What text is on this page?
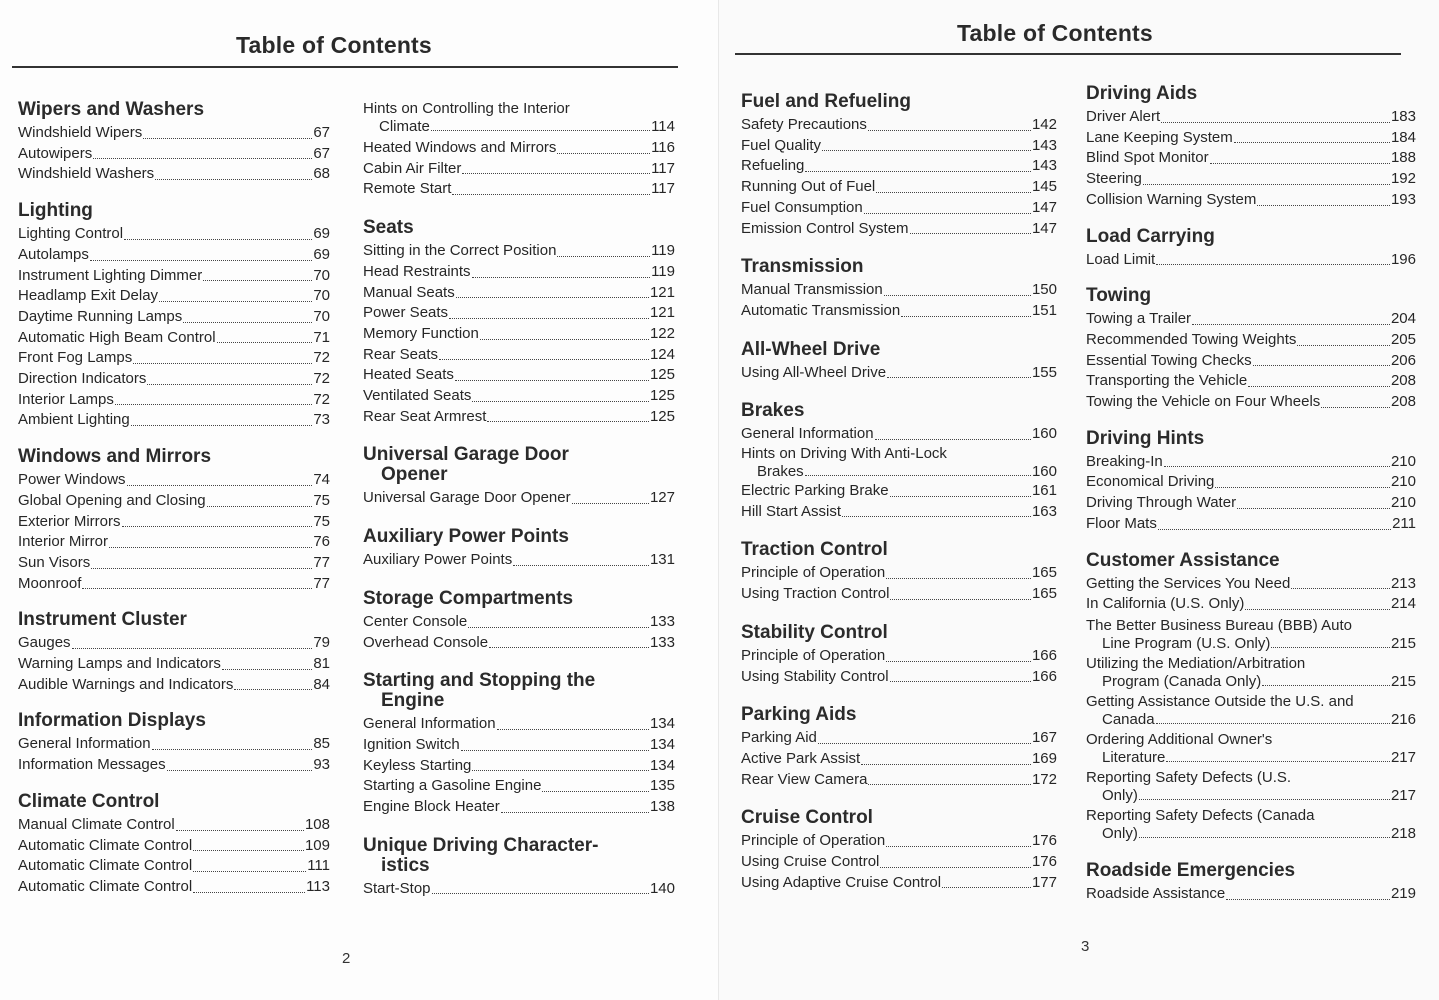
Table of Contents
Wipers and Washers
Windshield Wipers	67
Autowipers	67
Windshield Washers	68
Lighting
Lighting Control	69
Autolamps	69
Instrument Lighting Dimmer	70
Headlamp Exit Delay	70
Daytime Running Lamps	70
Automatic High Beam Control	71
Front Fog Lamps	72
Direction Indicators	72
Interior Lamps	72
Ambient Lighting	73
Windows and Mirrors
Power Windows	74
Global Opening and Closing	75
Exterior Mirrors	75
Interior Mirror	76
Sun Visors	77
Moonroof	77
Instrument Cluster
Gauges	79
Warning Lamps and Indicators	81
Audible Warnings and Indicators	84
Information Displays
General Information	85
Information Messages	93
Climate Control
Manual Climate Control	108
Automatic Climate Control	109
Automatic Climate Control	111
Automatic Climate Control	113
Hints on Controlling the Interior
Climate	114
Heated Windows and Mirrors	116
Cabin Air Filter	117
Remote Start	117
Seats
Sitting in the Correct Position	119
Head Restraints	119
Manual Seats	121
Power Seats	121
Memory Function	122
Rear Seats	124
Heated Seats	125
Ventilated Seats	125
Rear Seat Armrest	125
Universal Garage Door
Opener
Universal Garage Door Opener	127
Auxiliary Power Points
Auxiliary Power Points	131
Storage Compartments
Center Console	133
Overhead Console	133
Starting and Stopping the
Engine
General Information	134
Ignition Switch	134
Keyless Starting	134
Starting a Gasoline Engine	135
Engine Block Heater	138
Unique Driving Character-
istics
Start-Stop	140
2
Table of Contents
Fuel and Refueling
Safety Precautions	142
Fuel Quality	143
Refueling	143
Running Out of Fuel	145
Fuel Consumption	147
Emission Control System	147
Transmission
Manual Transmission	150
Automatic Transmission	151
All-Wheel Drive
Using All-Wheel Drive	155
Brakes
General Information	160
Hints on Driving With Anti-Lock
Brakes	160
Electric Parking Brake	161
Hill Start Assist	163
Traction Control
Principle of Operation	165
Using Traction Control	165
Stability Control
Principle of Operation	166
Using Stability Control	166
Parking Aids
Parking Aid	167
Active Park Assist	169
Rear View Camera	172
Cruise Control
Principle of Operation	176
Using Cruise Control	176
Using Adaptive Cruise Control	177
Driving Aids
Driver Alert	183
Lane Keeping System	184
Blind Spot Monitor	188
Steering	192
Collision Warning System	193
Load Carrying
Load Limit	196
Towing
Towing a Trailer	204
Recommended Towing Weights	205
Essential Towing Checks	206
Transporting the Vehicle	208
Towing the Vehicle on Four Wheels	208
Driving Hints
Breaking-In	210
Economical Driving	210
Driving Through Water	210
Floor Mats	211
Customer Assistance
Getting the Services You Need	213
In California (U.S. Only)	214
The Better Business Bureau (BBB) Auto
Line Program (U.S. Only)	215
Utilizing the Mediation/Arbitration
Program (Canada Only)	215
Getting Assistance Outside the U.S. and
Canada	216
Ordering Additional Owner's
Literature	217
Reporting Safety Defects (U.S.
Only)	217
Reporting Safety Defects (Canada
Only)	218
Roadside Emergencies
Roadside Assistance	219
3
